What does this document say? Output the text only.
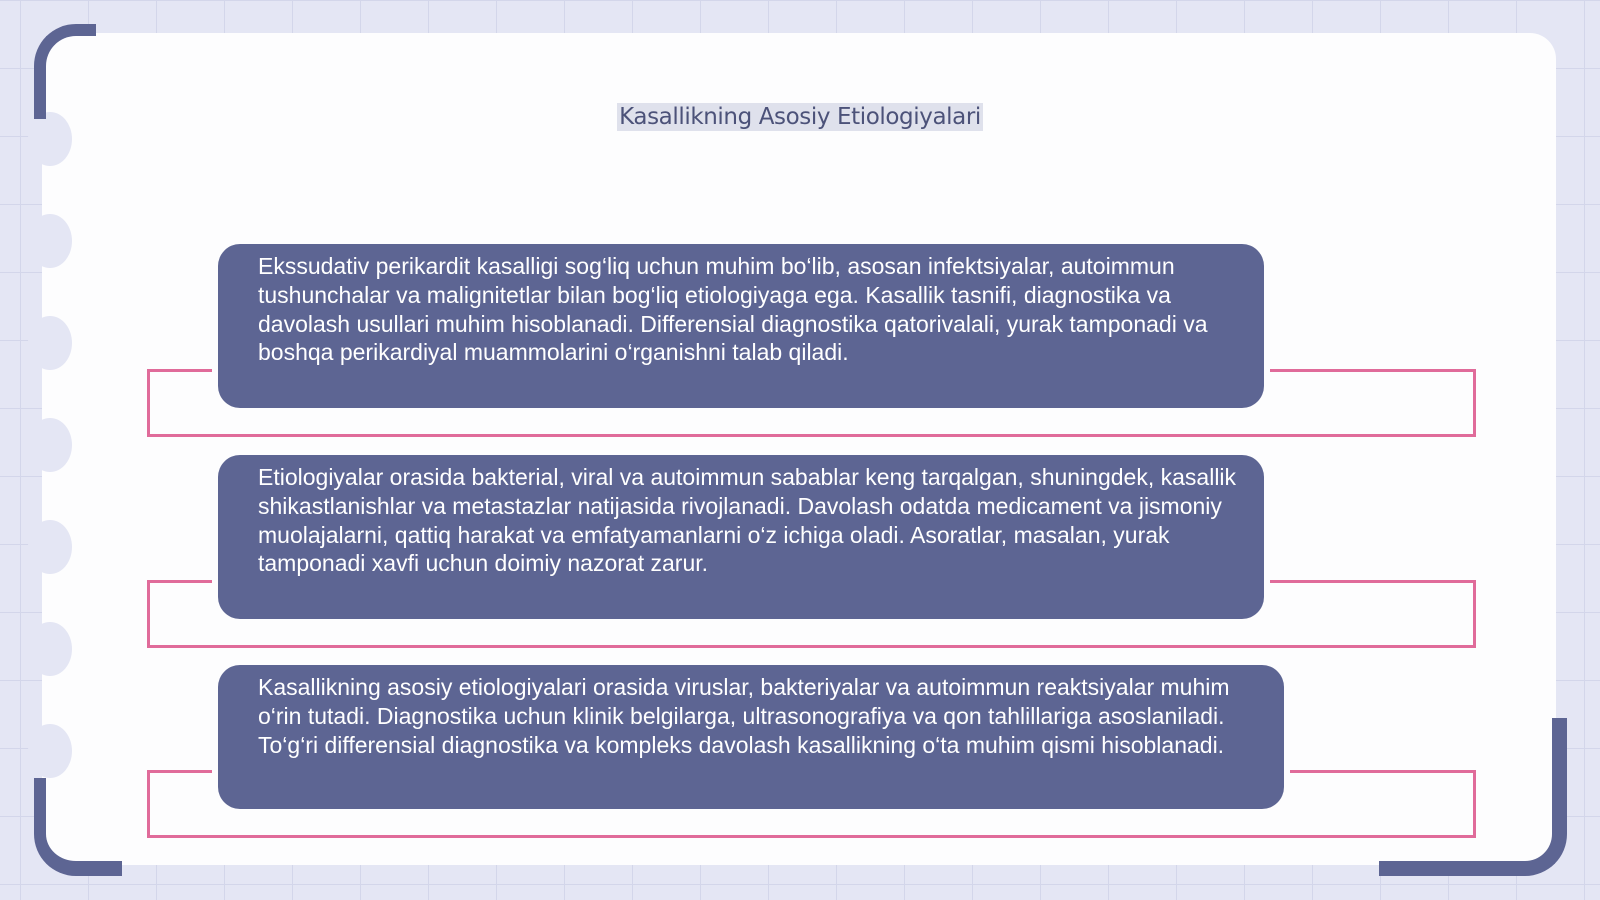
Kasallikning Asosiy Etiologiyalari

Ekssudativ perikardit kasalligi sog‘liq uchun muhim bo‘lib, asosan infektsiyalar, autoimmun tushunchalar va malignitetlar bilan bog‘liq etiologiyaga ega. Kasallik tasnifi, diagnostika va davolash usullari muhim hisoblanadi. Differensial diagnostika qatorivalali, yurak tamponadi va boshqa perikardiyal muammolarini o‘rganishni talab qiladi.

Etiologiyalar orasida bakterial, viral va autoimmun sabablar keng tarqalgan, shuningdek, kasallik shikastlanishlar va metastazlar natijasida rivojlanadi. Davolash odatda medicament va jismoniy muolajalarni, qattiq harakat va emfatyamanlarni o‘z ichiga oladi. Asoratlar, masalan, yurak tamponadi xavfi uchun doimiy nazorat zarur.

Kasallikning asosiy etiologiyalari orasida viruslar, bakteriyalar va autoimmun reaktsiyalar muhim o‘rin tutadi. Diagnostika uchun klinik belgilarga, ultrasonografiya va qon tahlillariga asoslaniladi. To‘g‘ri differensial diagnostika va kompleks davolash kasallikning o‘ta muhim qismi hisoblanadi.
